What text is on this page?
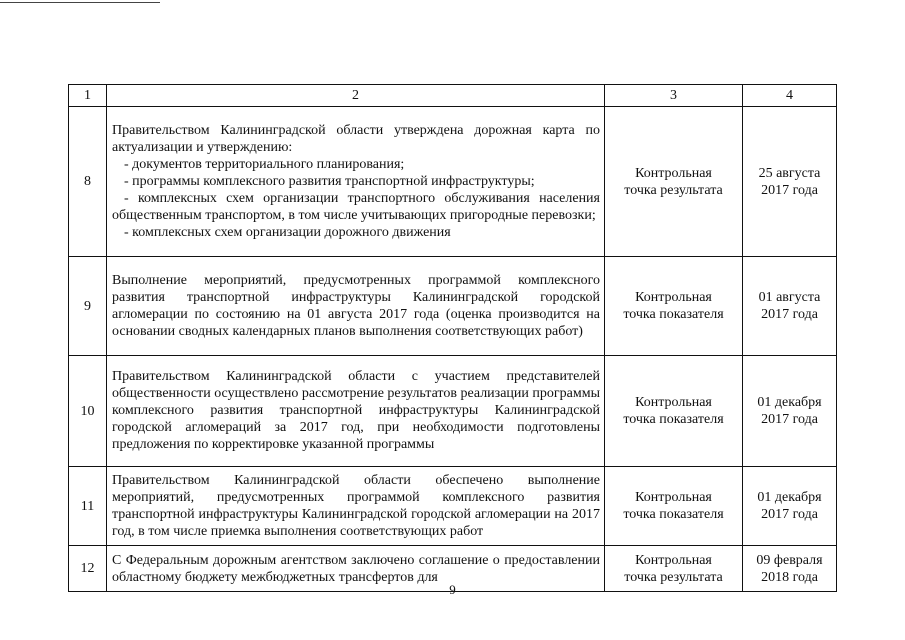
1	2	3	4
8	Правительством Калининградской области утверждена дорожная карта по актуализации и утверждению:
- документов территориального планирования;
- программы комплексного развития транспортной инфраструктуры;
- комплексных схем организации транспортного обслуживания населения общественным транспортом, в том числе учитывающих пригородные перевозки;
- комплексных схем организации дорожного движения	Контрольная
точка результата	25 августа
2017 года

9	Выполнение мероприятий, предусмотренных программой комплексного развития транспортной инфраструктуры Калининградской городской агломерации по состоянию на 01 августа 2017 года (оценка производится на основании сводных календарных планов выполнения соответствующих работ)	Контрольная
точка показателя	01 августа
2017 года

10	Правительством Калининградской области с участием представителей общественности осуществлено рассмотрение результатов реализации программы комплексного развития транспортной инфраструктуры Калининградской городской агломераций за 2017 год, при необходимости подготовлены предложения по корректировке указанной программы	Контрольная
точка показателя	01 декабря
2017 года

11	Правительством Калининградской области обеспечено выполнение мероприятий, предусмотренных программой комплексного развития транспортной инфраструктуры Калининградской городской агломерации на 2017 год, в том числе приемка выполнения соответствующих работ	Контрольная
точка показателя	01 декабря
2017 года

12	С Федеральным дорожным агентством заключено соглашение о предоставлении областному бюджету межбюджетных трансфертов для	Контрольная
точка результата	09 февраля
2018 года
9
